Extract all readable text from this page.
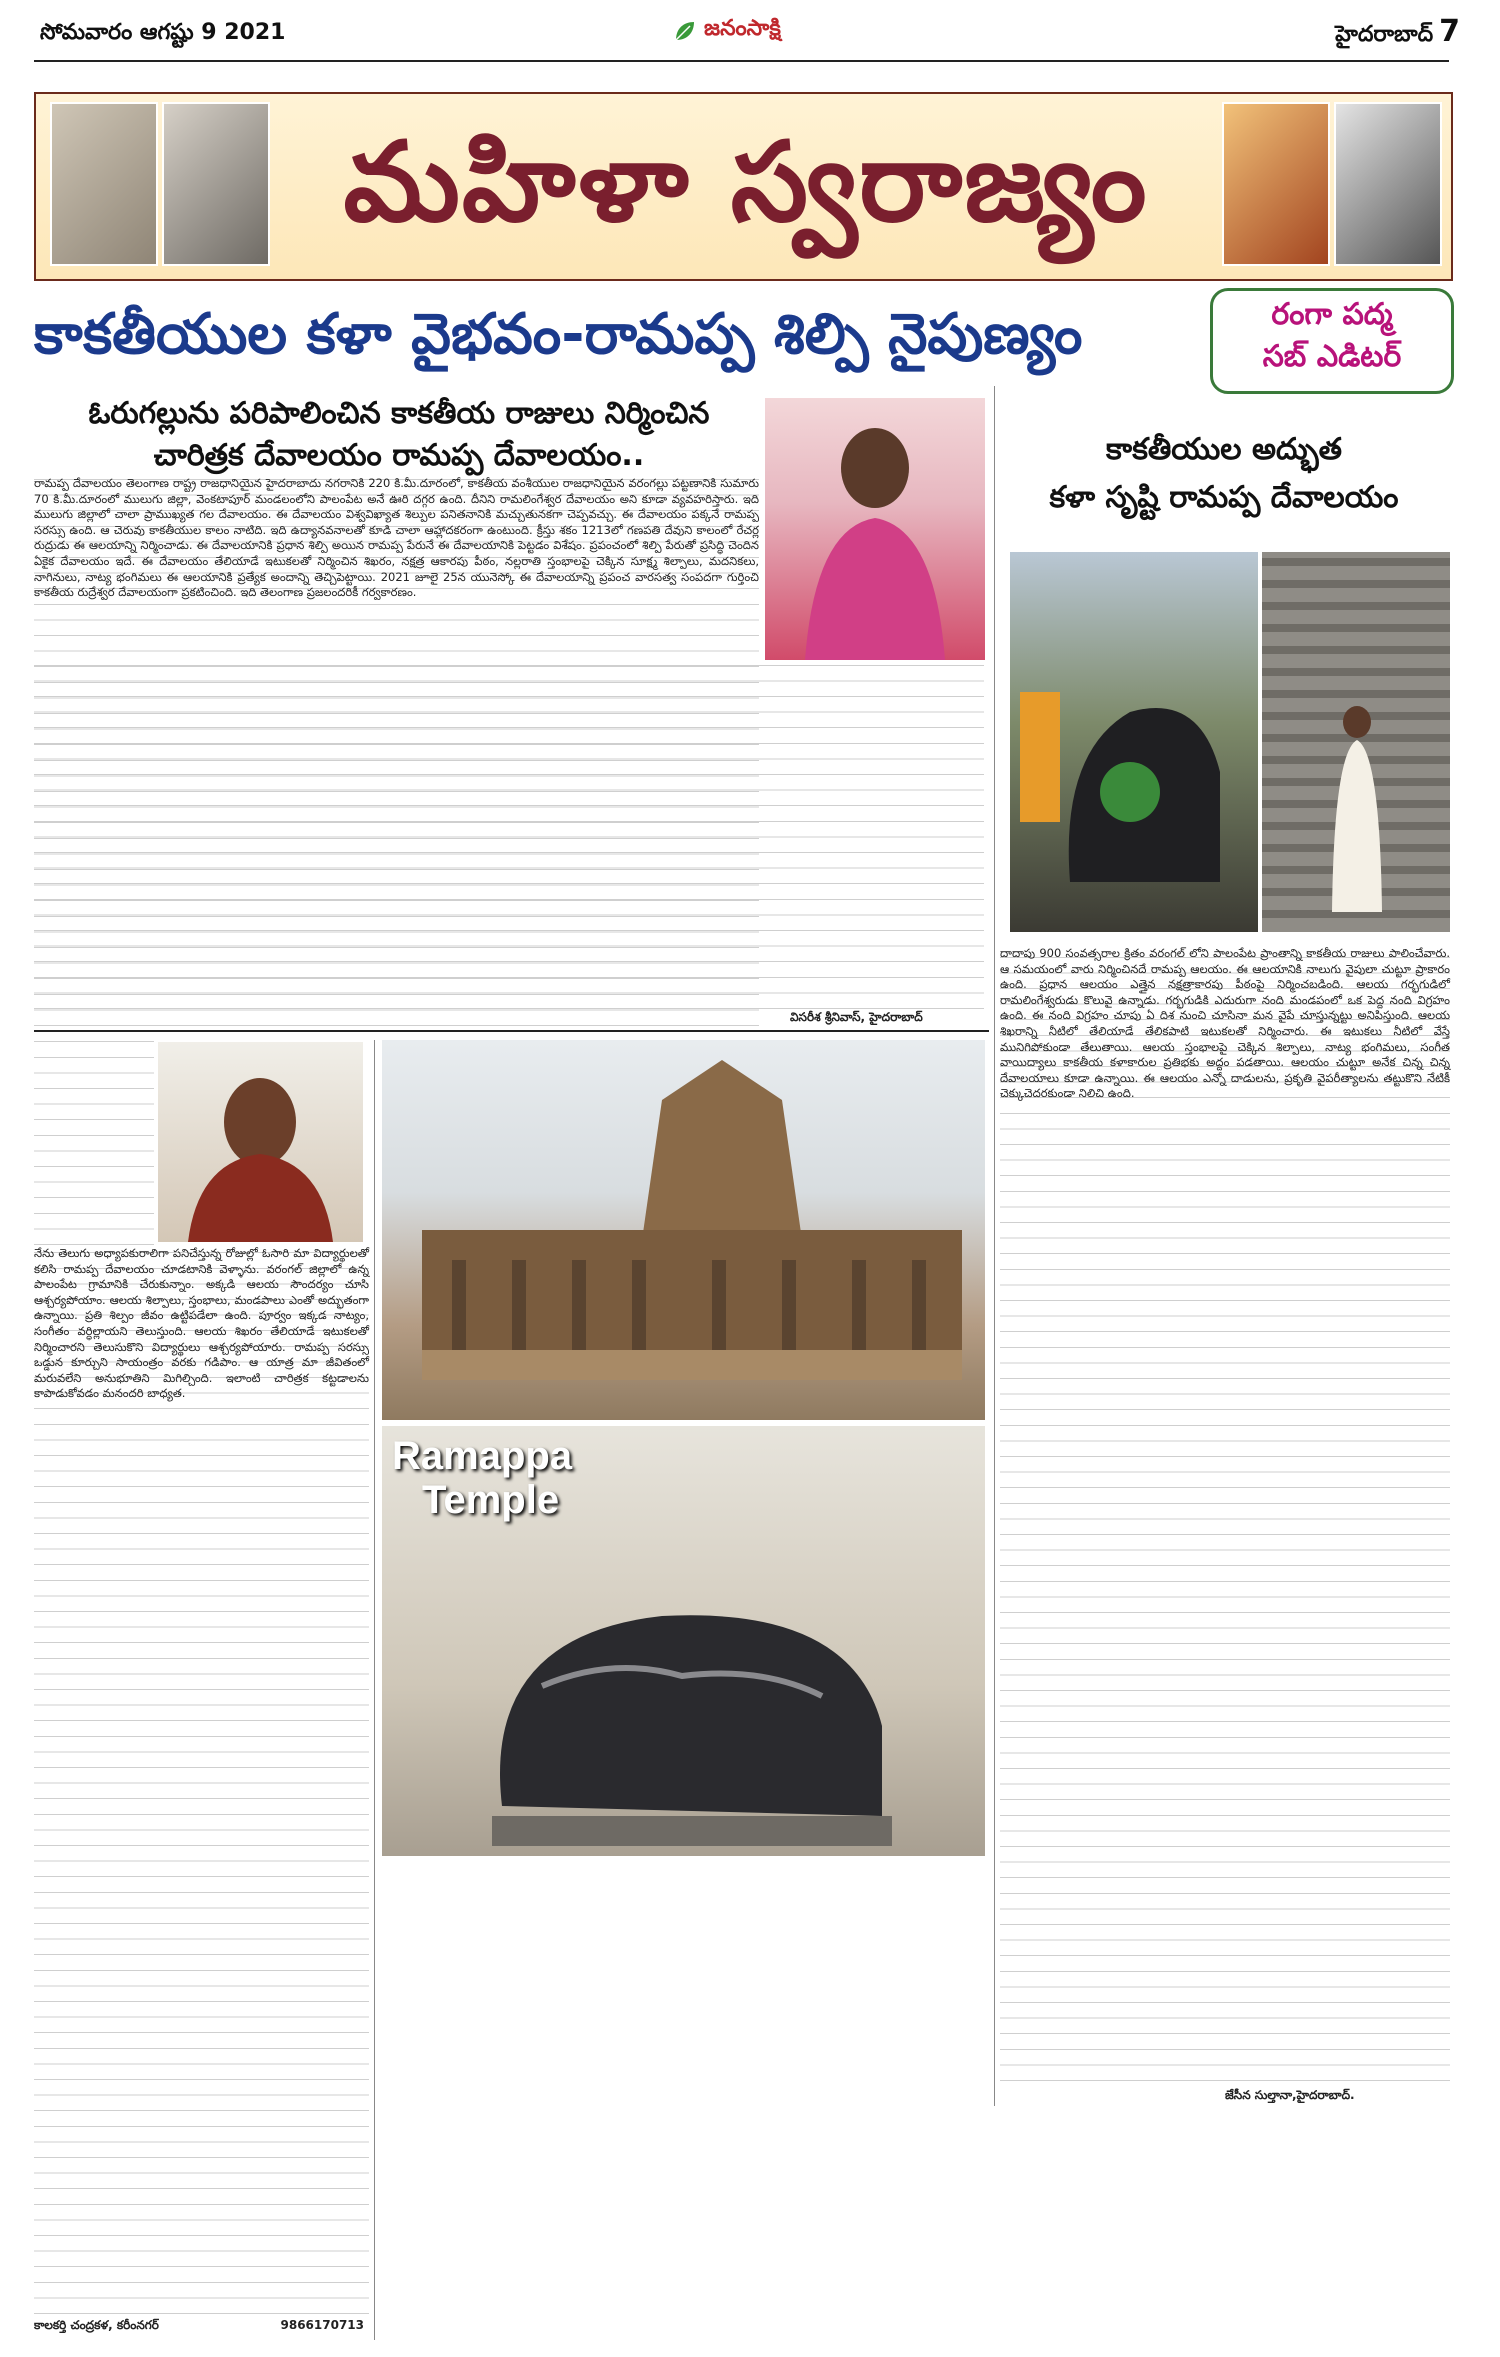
సోమవారం ఆగష్టు 9 2021	జనంసాక్షి	హైదరాబాద్ 7
మహిళా స్వరాజ్యం
కాకతీయుల కళా వైభవం-రామప్ప శిల్పి నైపుణ్యం	రంగా పద్మ
సబ్ ఎడిటర్
ఓరుగల్లును పరిపాలించిన కాకతీయ రాజులు నిర్మించిన
చారిత్రక దేవాలయం రామప్ప దేవాలయం..
రామప్ప దేవాలయం తెలంగాణ రాష్ట్ర రాజధానియైన హైదరాబాదు నగరానికి 220 కి.మీ.దూరంలో, కాకతీయ వంశీయుల రాజధానియైన వరంగల్లు పట్టణానికి సుమారు 70 కి.మీ.దూరంలో ములుగు జిల్లా, వెంకటాపూర్ మండలంలోని పాలంపేట అనే ఊరి దగ్గర ఉంది. దీనిని రామలింగేశ్వర దేవాలయం అని కూడా వ్యవహరిస్తారు. ఇది ములుగు జిల్లాలో చాలా ప్రాముఖ్యత గల దేవాలయం. ఈ దేవాలయం విశ్వవిఖ్యాత శిల్పుల పనితనానికి మచ్చుతునకగా చెప్పవచ్చు. ఈ దేవాలయం పక్కనే రామప్ప సరస్సు ఉంది. ఆ చెరువు కాకతీయుల కాలం నాటిది. ఇది ఉద్యానవనాలతో కూడి చాలా ఆహ్లాదకరంగా ఉంటుంది. క్రీస్తు శకం 1213లో గణపతి దేవుని కాలంలో రేచర్ల రుద్రుడు ఈ ఆలయాన్ని నిర్మించాడు. ఈ దేవాలయానికి ప్రధాన శిల్పి అయిన రామప్ప పేరునే ఈ దేవాలయానికి పెట్టడం విశేషం. ప్రపంచంలో శిల్పి పేరుతో ప్రసిద్ధి చెందిన ఏకైక దేవాలయం ఇదే. ఈ దేవాలయం తేలియాడే ఇటుకలతో నిర్మించిన శిఖరం, నక్షత్ర ఆకారపు పీఠం, నల్లరాతి స్తంభాలపై చెక్కిన సూక్ష్మ శిల్పాలు, మదనికలు, నాగినులు, నాట్య భంగిమలు ఈ ఆలయానికి ప్రత్యేక అందాన్ని తెచ్చిపెట్టాయి. 2021 జూలై 25న యునెస్కో ఈ దేవాలయాన్ని ప్రపంచ వారసత్వ సంపదగా గుర్తించి కాకతీయ రుద్రేశ్వర దేవాలయంగా ప్రకటించింది. ఇది తెలంగాణ ప్రజలందరికీ గర్వకారణం.
విసరీశ శ్రీనివాస్, హైదరాబాద్
కాకతీయుల అద్భుత
కళా సృష్టి రామప్ప దేవాలయం
దాదాపు 900 సంవత్సరాల క్రితం వరంగల్ లోని పాలంపేట ప్రాంతాన్ని కాకతీయ రాజులు పాలించేవారు. ఆ సమయంలో వారు నిర్మించినదే రామప్ప ఆలయం. ఈ ఆలయానికి నాలుగు వైపులా చుట్టూ ప్రాకారం ఉంది. ప్రధాన ఆలయం ఎత్తైన నక్షత్రాకారపు పీఠంపై నిర్మించబడింది. ఆలయ గర్భగుడిలో రామలింగేశ్వరుడు కొలువై ఉన్నాడు. గర్భగుడికి ఎదురుగా నంది మండపంలో ఒక పెద్ద నంది విగ్రహం ఉంది. ఈ నంది విగ్రహం చూపు ఏ దిశ నుంచి చూసినా మన వైపే చూస్తున్నట్టు అనిపిస్తుంది. ఆలయ శిఖరాన్ని నీటిలో తేలియాడే తేలికపాటి ఇటుకలతో నిర్మించారు. ఈ ఇటుకలు నీటిలో వేస్తే మునిగిపోకుండా తేలుతాయి. ఆలయ స్తంభాలపై చెక్కిన శిల్పాలు, నాట్య భంగిమలు, సంగీత వాయిద్యాలు కాకతీయ కళాకారుల ప్రతిభకు అద్దం పడతాయి. ఆలయం చుట్టూ అనేక చిన్న చిన్న దేవాలయాలు కూడా ఉన్నాయి. ఈ ఆలయం ఎన్నో దాడులను, ప్రకృతి వైపరీత్యాలను తట్టుకొని నేటికీ చెక్కుచెదరకుండా నిలిచి ఉంది.
జేసీన సుల్తానా,హైదరాబాద్.
నేను తెలుగు అధ్యాపకురాలిగా పనిచేస్తున్న రోజుల్లో ఓసారి మా విద్యార్థులతో కలిసి రామప్ప దేవాలయం చూడటానికి వెళ్ళాను. వరంగల్ జిల్లాలో ఉన్న పాలంపేట గ్రామానికి చేరుకున్నాం. అక్కడి ఆలయ సౌందర్యం చూసి ఆశ్చర్యపోయాం. ఆలయ శిల్పాలు, స్తంభాలు, మండపాలు ఎంతో అద్భుతంగా ఉన్నాయి. ప్రతి శిల్పం జీవం ఉట్టిపడేలా ఉంది. పూర్వం ఇక్కడ నాట్యం, సంగీతం వర్ధిల్లాయని తెలుస్తుంది. ఆలయ శిఖరం తేలియాడే ఇటుకలతో నిర్మించారని తెలుసుకొని విద్యార్థులు ఆశ్చర్యపోయారు. రామప్ప సరస్సు ఒడ్డున కూర్చుని సాయంత్రం వరకు గడిపాం. ఆ యాత్ర మా జీవితంలో మరువలేని అనుభూతిని మిగిల్చింది. ఇలాంటి చారిత్రక కట్టడాలను కాపాడుకోవడం మనందరి బాధ్యత.
కాలకర్తి చంద్రకళ, కరీంనగర్	9866170713
Ramappa
Temple
